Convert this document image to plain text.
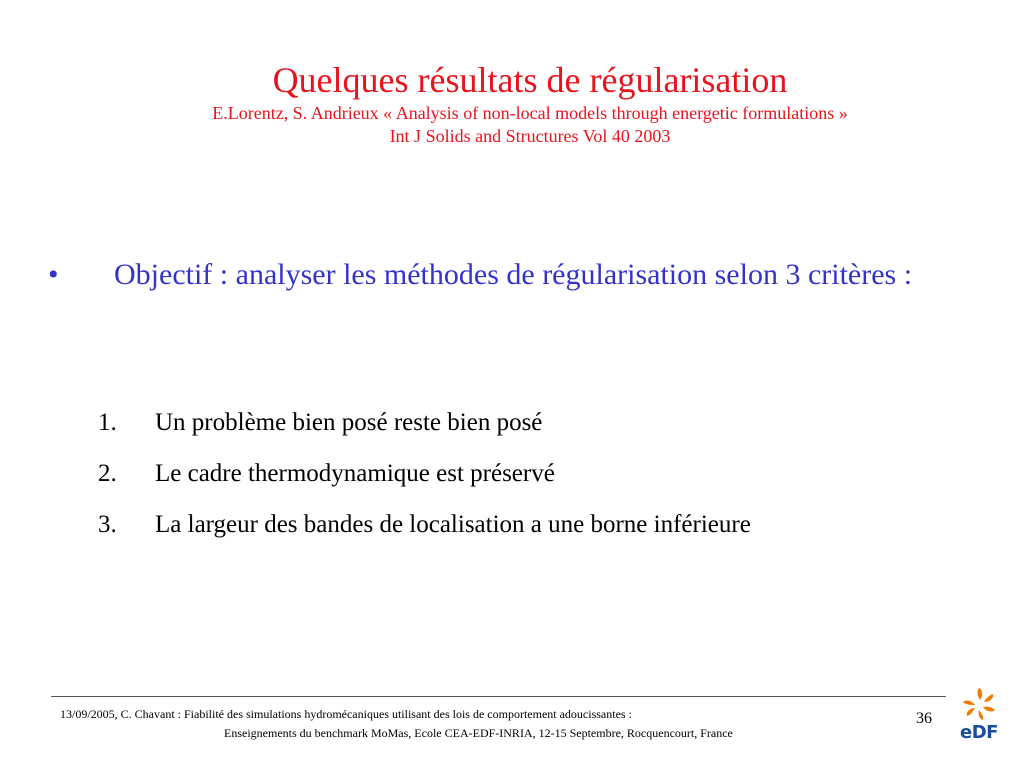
Quelques résultats de régularisation
E.Lorentz, S. Andrieux « Analysis of non-local models through energetic formulations »
Int J Solids and Structures Vol 40 2003
• Objectif : analyser les méthodes de régularisation selon 3 critères :
1. Un problème bien posé reste bien posé
2. Le cadre thermodynamique est préservé
3. La largeur des bandes de localisation a une borne inférieure
13/09/2005, C. Chavant : Fiabilité des simulations hydromécaniques utilisant des lois de comportement adoucissantes :
Enseignements du benchmark MoMas, Ecole CEA-EDF-INRIA, 12-15 Septembre, Rocquencourt, France
36
eDF
